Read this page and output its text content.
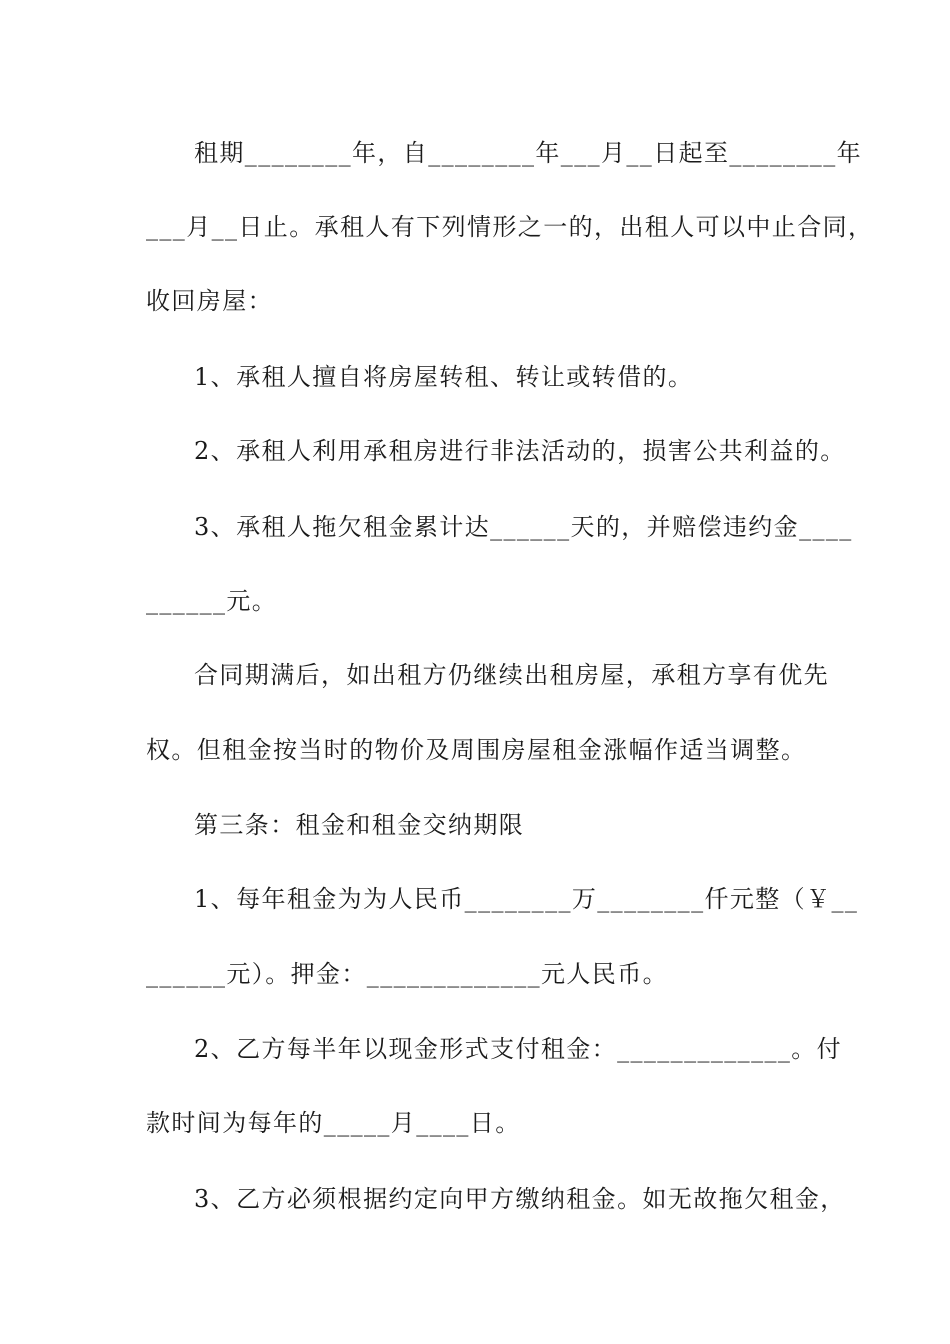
租期________年，自________年___月__日起至________年
___月__日止。承租人有下列情形之一的，出租人可以中止合同，
收回房屋：
1、承租人擅自将房屋转租、转让或转借的。
2、承租人利用承租房进行非法活动的，损害公共利益的。
3、承租人拖欠租金累计达______天的，并赔偿违约金____
______元。
合同期满后，如出租方仍继续出租房屋，承租方享有优先
权。但租金按当时的物价及周围房屋租金涨幅作适当调整。
第三条：租金和租金交纳期限
1、每年租金为为人民币________万________仟元整（￥__
______元）。押金：_____________元人民币。
2、乙方每半年以现金形式支付租金：_____________。付
款时间为每年的_____月____日。
3、乙方必须根据约定向甲方缴纳租金。如无故拖欠租金，
